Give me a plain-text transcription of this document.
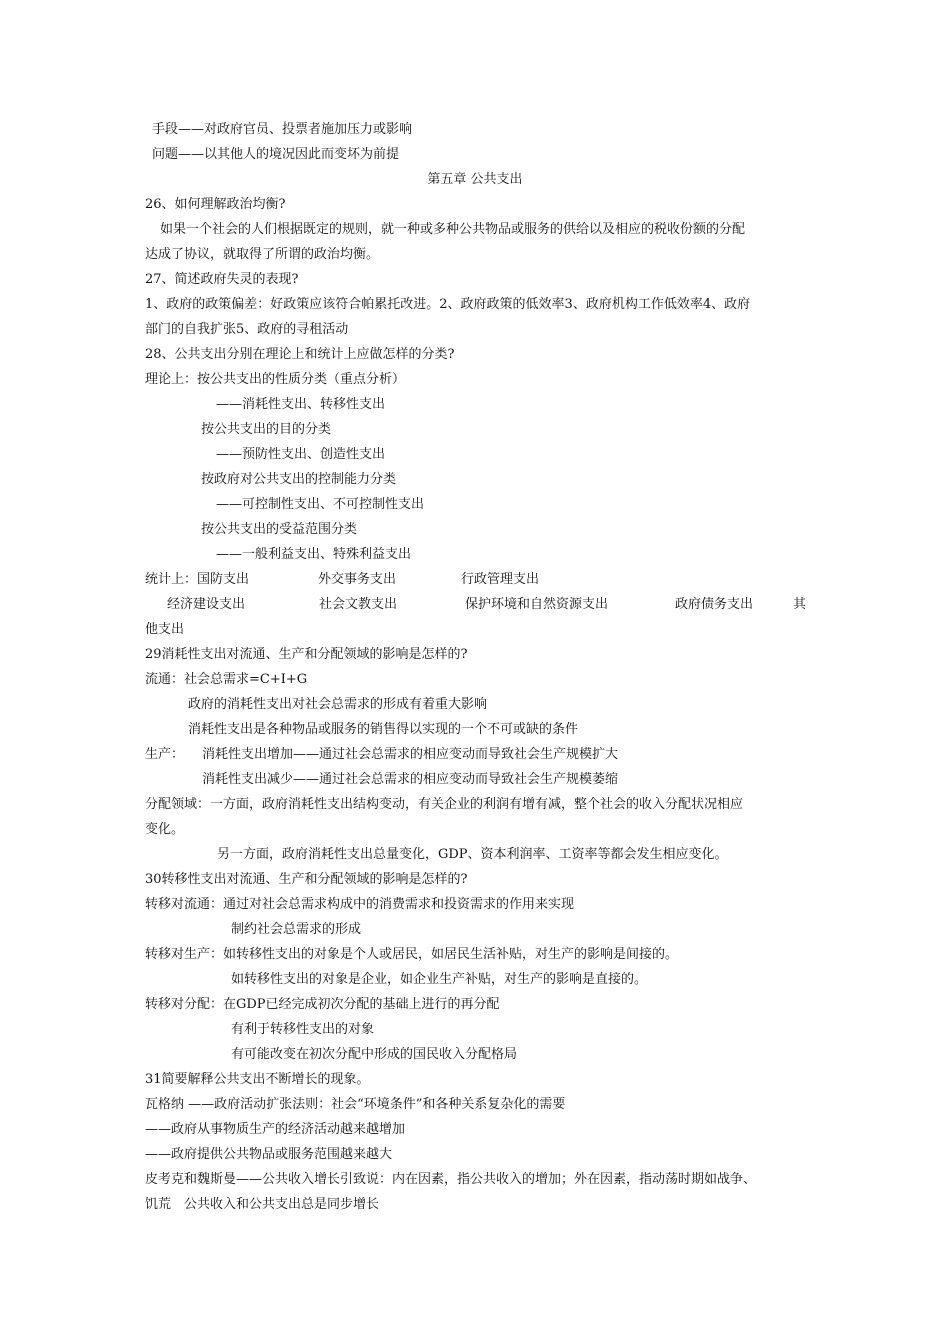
手段——对政府官员、投票者施加压力或影响
问题——以其他人的境况因此而变坏为前提
第五章 公共支出
26、如何理解政治均衡?
如果一个社会的人们根据既定的规则，就一种或多种公共物品或服务的供给以及相应的税收份额的分配
达成了协议，就取得了所谓的政治均衡。
27、简述政府失灵的表现?
1、政府的政策偏差：好政策应该符合帕累托改进。2、政府政策的低效率3、政府机构工作低效率4、政府
部门的自我扩张5、政府的寻租活动
28、公共支出分别在理论上和统计上应做怎样的分类?
理论上：按公共支出的性质分类（重点分析）
——消耗性支出、转移性支出
按公共支出的目的分类
——预防性支出、创造性支出
按政府对公共支出的控制能力分类
——可控制性支出、不可控制性支出
按公共支出的受益范围分类
——一般利益支出、特殊利益支出
统计上：国防支出	外交事务支出	行政管理支出
经济建设支出	社会文教支出	保护环境和自然资源支出	政府债务支出	其
他支出
29消耗性支出对流通、生产和分配领域的影响是怎样的?
流通：社会总需求=C+I+G
政府的消耗性支出对社会总需求的形成有着重大影响
消耗性支出是各种物品或服务的销售得以实现的一个不可或缺的条件
生产： 消耗性支出增加——通过社会总需求的相应变动而导致社会生产规模扩大
消耗性支出减少——通过社会总需求的相应变动而导致社会生产规模萎缩
分配领域：一方面，政府消耗性支出结构变动，有关企业的利润有增有减，整个社会的收入分配状况相应
变化。
另一方面，政府消耗性支出总量变化，GDP、资本利润率、工资率等都会发生相应变化。
30转移性支出对流通、生产和分配领域的影响是怎样的?
转移对流通：通过对社会总需求构成中的消费需求和投资需求的作用来实现
制约社会总需求的形成
转移对生产：如转移性支出的对象是个人或居民，如居民生活补贴，对生产的影响是间接的。
如转移性支出的对象是企业，如企业生产补贴，对生产的影响是直接的。
转移对分配：在GDP已经完成初次分配的基础上进行的再分配
有利于转移性支出的对象
有可能改变在初次分配中形成的国民收入分配格局
31简要解释公共支出不断增长的现象。
瓦格纳 ——政府活动扩张法则：社会“环境条件”和各种关系复杂化的需要
——政府从事物质生产的经济活动越来越增加
——政府提供公共物品或服务范围越来越大
皮考克和魏斯曼——公共收入增长引致说：内在因素，指公共收入的增加；外在因素，指动荡时期如战争、
饥荒　公共收入和公共支出总是同步增长
